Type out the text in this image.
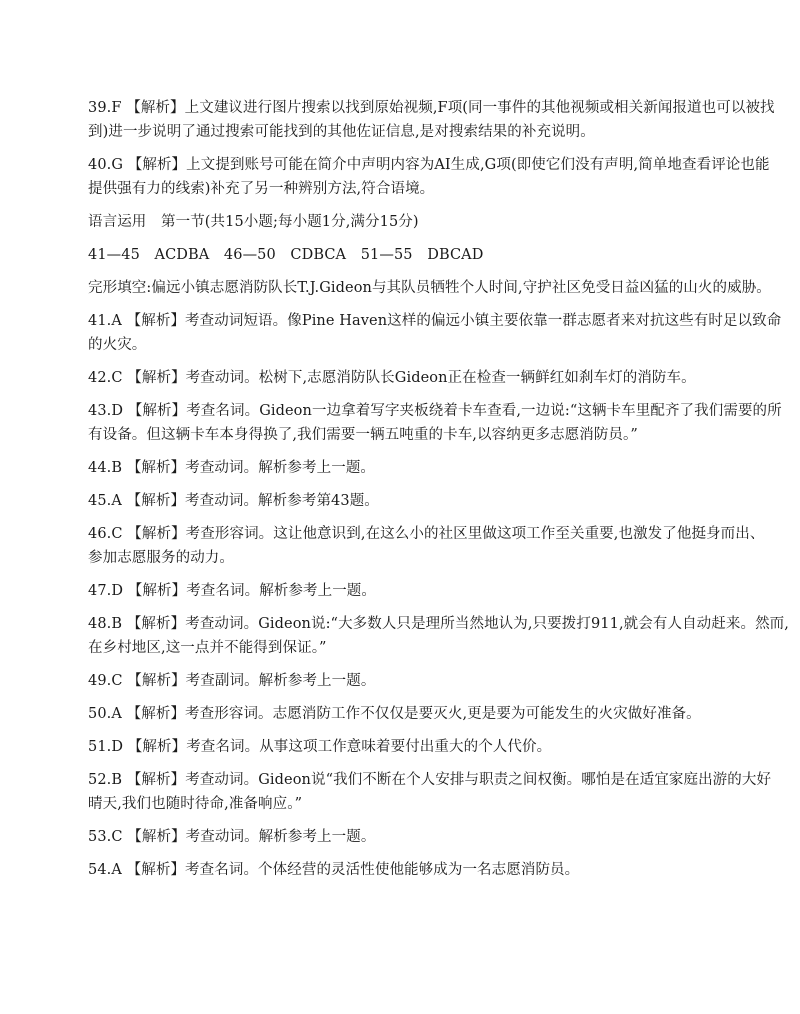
39.F 【解析】上文建议进行图片搜索以找到原始视频,F项(同一事件的其他视频或相关新闻报道也可以被找
到)进一步说明了通过搜索可能找到的其他佐证信息,是对搜索结果的补充说明。
40.G 【解析】上文提到账号可能在简介中声明内容为AI生成,G项(即使它们没有声明,简单地查看评论也能
提供强有力的线索)补充了另一种辨别方法,符合语境。
语言运用　第一节(共15小题;每小题1分,满分15分)
41—45　ACDBA　46—50　CDBCA　51—55　DBCAD
完形填空:偏远小镇志愿消防队长T.J.Gideon与其队员牺牲个人时间,守护社区免受日益凶猛的山火的威胁。
41.A 【解析】考查动词短语。像Pine Haven这样的偏远小镇主要依靠一群志愿者来对抗这些有时足以致命
的火灾。
42.C 【解析】考查动词。松树下,志愿消防队长Gideon正在检查一辆鲜红如刹车灯的消防车。
43.D 【解析】考查名词。Gideon一边拿着写字夹板绕着卡车查看,一边说:“这辆卡车里配齐了我们需要的所
有设备。但这辆卡车本身得换了,我们需要一辆五吨重的卡车,以容纳更多志愿消防员。”
44.B 【解析】考查动词。解析参考上一题。
45.A 【解析】考查动词。解析参考第43题。
46.C 【解析】考查形容词。这让他意识到,在这么小的社区里做这项工作至关重要,也激发了他挺身而出、
参加志愿服务的动力。
47.D 【解析】考查名词。解析参考上一题。
48.B 【解析】考查动词。Gideon说:“大多数人只是理所当然地认为,只要拨打911,就会有人自动赶来。然而,
在乡村地区,这一点并不能得到保证。”
49.C 【解析】考查副词。解析参考上一题。
50.A 【解析】考查形容词。志愿消防工作不仅仅是要灭火,更是要为可能发生的火灾做好准备。
51.D 【解析】考查名词。从事这项工作意味着要付出重大的个人代价。
52.B 【解析】考查动词。Gideon说“我们不断在个人安排与职责之间权衡。哪怕是在适宜家庭出游的大好
晴天,我们也随时待命,准备响应。”
53.C 【解析】考查动词。解析参考上一题。
54.A 【解析】考查名词。个体经营的灵活性使他能够成为一名志愿消防员。
